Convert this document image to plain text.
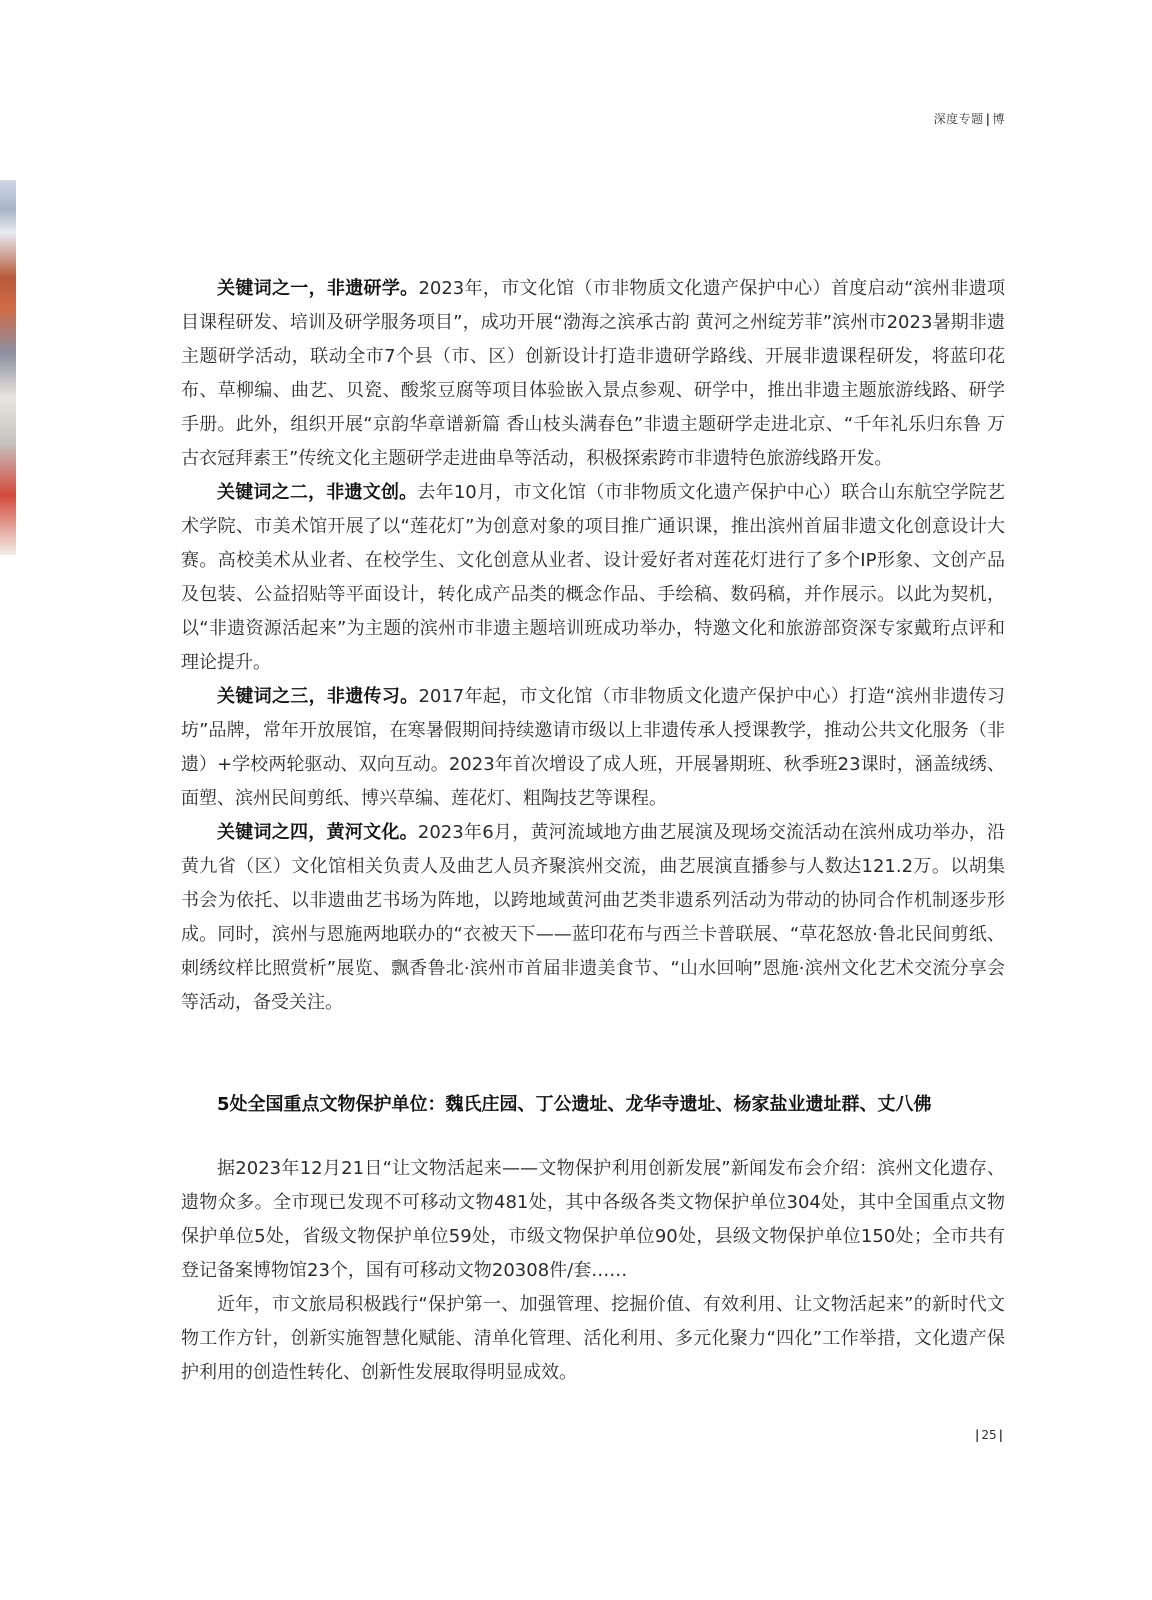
深度专题 | 博

关键词之一，非遗研学。2023年，市文化馆（市非物质文化遗产保护中心）首度启动“滨州非遗项目课程研发、培训及研学服务项目”，成功开展“渤海之滨承古韵 黄河之州绽芳菲”滨州市2023暑期非遗主题研学活动，联动全市7个县（市、区）创新设计打造非遗研学路线、开展非遗课程研发，将蓝印花布、草柳编、曲艺、贝瓷、酸浆豆腐等项目体验嵌入景点参观、研学中，推出非遗主题旅游线路、研学手册。此外，组织开展“京韵华章谱新篇 香山枝头满春色”非遗主题研学走进北京、“千年礼乐归东鲁 万古衣冠拜素王”传统文化主题研学走进曲阜等活动，积极探索跨市非遗特色旅游线路开发。

关键词之二，非遗文创。去年10月，市文化馆（市非物质文化遗产保护中心）联合山东航空学院艺术学院、市美术馆开展了以“莲花灯”为创意对象的项目推广通识课，推出滨州首届非遗文化创意设计大赛。高校美术从业者、在校学生、文化创意从业者、设计爱好者对莲花灯进行了多个IP形象、文创产品及包装、公益招贴等平面设计，转化成产品类的概念作品、手绘稿、数码稿，并作展示。以此为契机，以“非遗资源活起来”为主题的滨州市非遗主题培训班成功举办，特邀文化和旅游部资深专家戴珩点评和理论提升。

关键词之三，非遗传习。2017年起，市文化馆（市非物质文化遗产保护中心）打造“滨州非遗传习坊”品牌，常年开放展馆，在寒暑假期间持续邀请市级以上非遗传承人授课教学，推动公共文化服务（非遗）+学校两轮驱动、双向互动。2023年首次增设了成人班，开展暑期班、秋季班23课时，涵盖绒绣、面塑、滨州民间剪纸、博兴草编、莲花灯、粗陶技艺等课程。

关键词之四，黄河文化。2023年6月，黄河流域地方曲艺展演及现场交流活动在滨州成功举办，沿黄九省（区）文化馆相关负责人及曲艺人员齐聚滨州交流，曲艺展演直播参与人数达121.2万。以胡集书会为依托、以非遗曲艺书场为阵地，以跨地域黄河曲艺类非遗系列活动为带动的协同合作机制逐步形成。同时，滨州与恩施两地联办的“衣被天下——蓝印花布与西兰卡普联展、“草花怒放·鲁北民间剪纸、刺绣纹样比照赏析”展览、飘香鲁北·滨州市首届非遗美食节、“山水回响”恩施·滨州文化艺术交流分享会等活动，备受关注。

5处全国重点文物保护单位：魏氏庄园、丁公遗址、龙华寺遗址、杨家盐业遗址群、丈八佛

据2023年12月21日“让文物活起来——文物保护利用创新发展”新闻发布会介绍：滨州文化遗存、遗物众多。全市现已发现不可移动文物481处，其中各级各类文物保护单位304处，其中全国重点文物保护单位5处，省级文物保护单位59处，市级文物保护单位90处，县级文物保护单位150处；全市共有登记备案博物馆23个，国有可移动文物20308件/套……

近年，市文旅局积极践行“保护第一、加强管理、挖掘价值、有效利用、让文物活起来”的新时代文物工作方针，创新实施智慧化赋能、清单化管理、活化利用、多元化聚力“四化”工作举措，文化遗产保护利用的创造性转化、创新性发展取得明显成效。

| 25 |
